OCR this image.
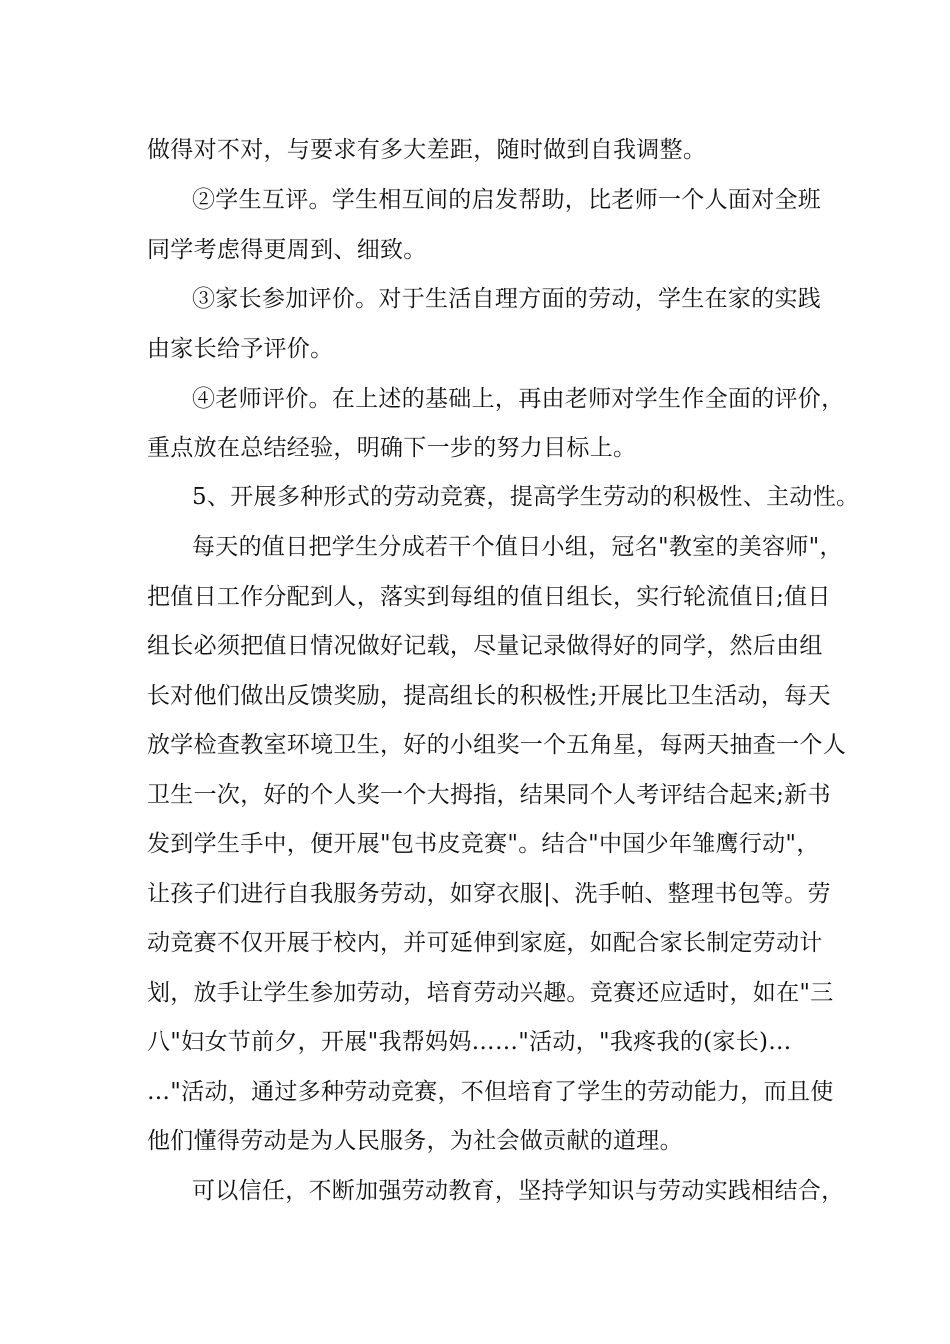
做得对不对，与要求有多大差距，随时做到自我调整。
②学生互评。学生相互间的启发帮助，比老师一个人面对全班
同学考虑得更周到、细致。
③家长参加评价。对于生活自理方面的劳动，学生在家的实践
由家长给予评价。
④老师评价。在上述的基础上，再由老师对学生作全面的评价，
重点放在总结经验，明确下一步的努力目标上。
5、开展多种形式的劳动竞赛，提高学生劳动的积极性、主动性。
每天的值日把学生分成若干个值日小组，冠名"教室的美容师"，
把值日工作分配到人，落实到每组的值日组长，实行轮流值日;值日
组长必须把值日情况做好记载，尽量记录做得好的同学，然后由组
长对他们做出反馈奖励，提高组长的积极性;开展比卫生活动，每天
放学检查教室环境卫生，好的小组奖一个五角星，每两天抽查一个人
卫生一次，好的个人奖一个大拇指，结果同个人考评结合起来;新书
发到学生手中，便开展"包书皮竞赛"。结合"中国少年雏鹰行动"，
让孩子们进行自我服务劳动，如穿衣服|、洗手帕、整理书包等。劳
动竞赛不仅开展于校内，并可延伸到家庭，如配合家长制定劳动计
划，放手让学生参加劳动，培育劳动兴趣。竞赛还应适时，如在"三
八"妇女节前夕，开展"我帮妈妈……"活动，"我疼我的(家长)…
…"活动，通过多种劳动竞赛，不但培育了学生的劳动能力，而且使
他们懂得劳动是为人民服务，为社会做贡献的道理。
可以信任，不断加强劳动教育，坚持学知识与劳动实践相结合，
